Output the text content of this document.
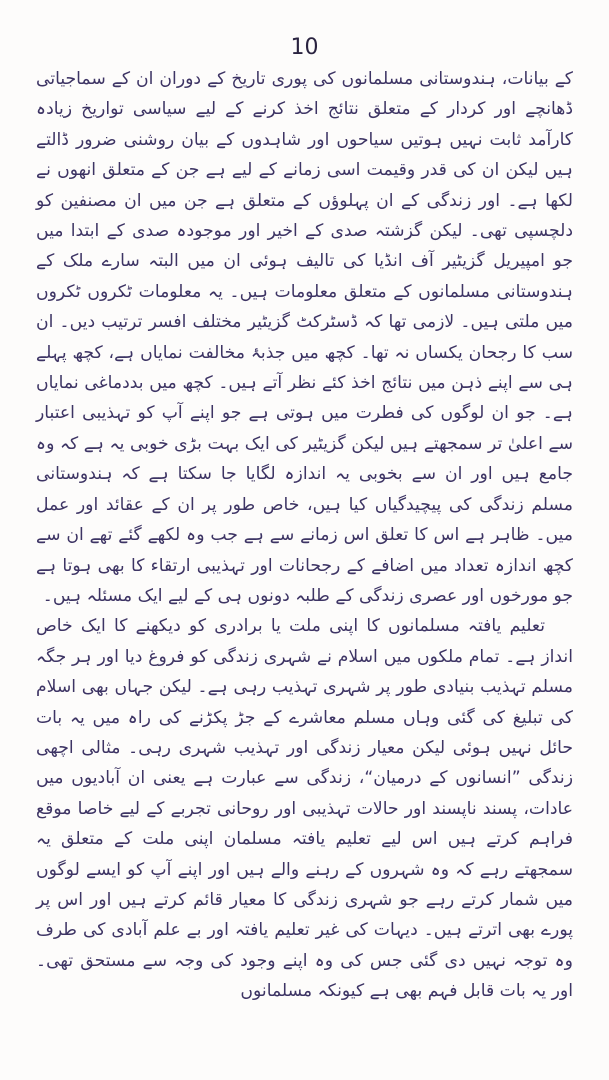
10

کے بیانات، ہندوستانی مسلمانوں کی پوری تاریخ کے دوران ان کے سماجیاتی ڈھانچے اور کردار کے متعلق نتائج اخذ کرنے کے لیے سیاسی تواریخ زیادہ کارآمد ثابت نہیں ہوتیں سیاحوں اور شاہدوں کے بیان روشنی ضرور ڈالتے ہیں لیکن ان کی قدر وقیمت اسی زمانے کے لیے ہے جن کے متعلق انھوں نے لکھا ہے۔ اور زندگی کے ان پہلوؤں کے متعلق ہے جن میں ان مصنفین کو دلچسپی تھی۔ لیکن گزشتہ صدی کے اخیر اور موجودہ صدی کے ابتدا میں جو امپیریل گزیٹیر آف انڈیا کی تالیف ہوئی ان میں البتہ سارے ملک کے ہندوستانی مسلمانوں کے متعلق معلومات ہیں۔ یہ معلومات ٹکروں ٹکروں میں ملتی ہیں۔ لازمی تھا کہ ڈسٹرکٹ گزیٹیر مختلف افسر ترتیب دیں۔ ان سب کا رجحان یکساں نہ تھا۔ کچھ میں جذبۂ مخالفت نمایاں ہے، کچھ پہلے ہی سے اپنے ذہن میں نتائج اخذ کئے نظر آتے ہیں۔ کچھ میں بددماغی نمایاں ہے۔ جو ان لوگوں کی فطرت میں ہوتی ہے جو اپنے آپ کو تہذیبی اعتبار سے اعلیٰ تر سمجھتے ہیں لیکن گزیٹیر کی ایک بہت بڑی خوبی یہ ہے کہ وہ جامع ہیں اور ان سے بخوبی یہ اندازہ لگایا جا سکتا ہے کہ ہندوستانی مسلم زندگی کی پیچیدگیاں کیا ہیں، خاص طور پر ان کے عقائد اور عمل میں۔ ظاہر ہے اس کا تعلق اس زمانے سے ہے جب وہ لکھے گئے تھے ان سے کچھ اندازہ تعداد میں اضافے کے رجحانات اور تہذیبی ارتقاء کا بھی ہوتا ہے جو مورخوں اور عصری زندگی کے طلبہ دونوں ہی کے لیے ایک مسئلہ ہیں۔

تعلیم یافتہ مسلمانوں کا اپنی ملت یا برادری کو دیکھنے کا ایک خاص انداز ہے۔ تمام ملکوں میں اسلام نے شہری زندگی کو فروغ دیا اور ہر جگہ مسلم تہذیب بنیادی طور پر شہری تہذیب رہی ہے۔ لیکن جہاں بھی اسلام کی تبلیغ کی گئی وہاں مسلم معاشرے کے جڑ پکڑنے کی راہ میں یہ بات حائل نہیں ہوئی لیکن معیار زندگی اور تہذیب شہری رہی۔ مثالی اچھی زندگی ”انسانوں کے درمیان“، زندگی سے عبارت ہے یعنی ان آبادیوں میں عادات، پسند ناپسند اور حالات تہذیبی اور روحانی تجربے کے لیے خاصا موقع فراہم کرتے ہیں اس لیے تعلیم یافتہ مسلمان اپنی ملت کے متعلق یہ سمجھتے رہے کہ وہ شہروں کے رہنے والے ہیں اور اپنے آپ کو ایسے لوگوں میں شمار کرتے رہے جو شہری زندگی کا معیار قائم کرتے ہیں اور اس پر پورے بھی اترتے ہیں۔ دیہات کی غیر تعلیم یافتہ اور بے علم آبادی کی طرف وہ توجہ نہیں دی گئی جس کی وہ اپنے وجود کی وجہ سے مستحق تھی۔ اور یہ بات قابل فہم بھی ہے کیونکہ مسلمانوں
